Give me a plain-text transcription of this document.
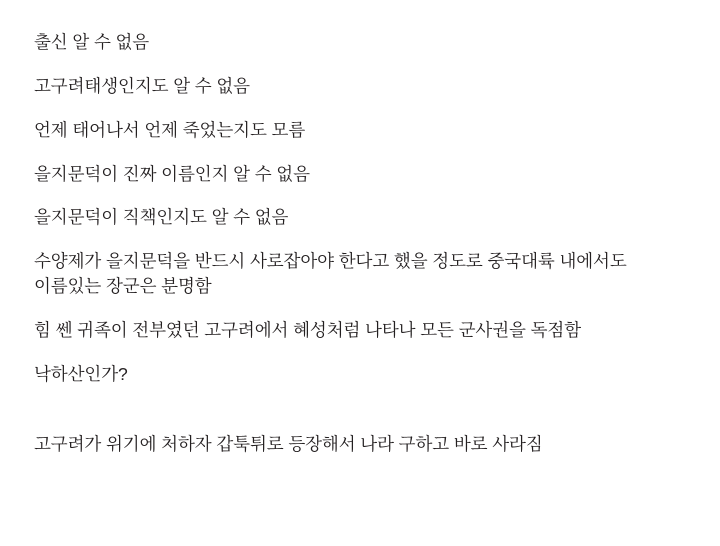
출신 알 수 없음

고구려태생인지도 알 수 없음

언제 태어나서 언제 죽었는지도 모름

을지문덕이 진짜 이름인지 알 수 없음

을지문덕이 직책인지도 알 수 없음

수양제가 을지문덕을 반드시 사로잡아야 한다고 했을 정도로 중국대륙 내에서도 이름있는 장군은 분명함

힘 쎈 귀족이 전부였던 고구려에서 혜성처럼 나타나 모든 군사권을 독점함

낙하산인가?

고구려가 위기에 처하자 갑툭튀로 등장해서 나라 구하고 바로 사라짐
